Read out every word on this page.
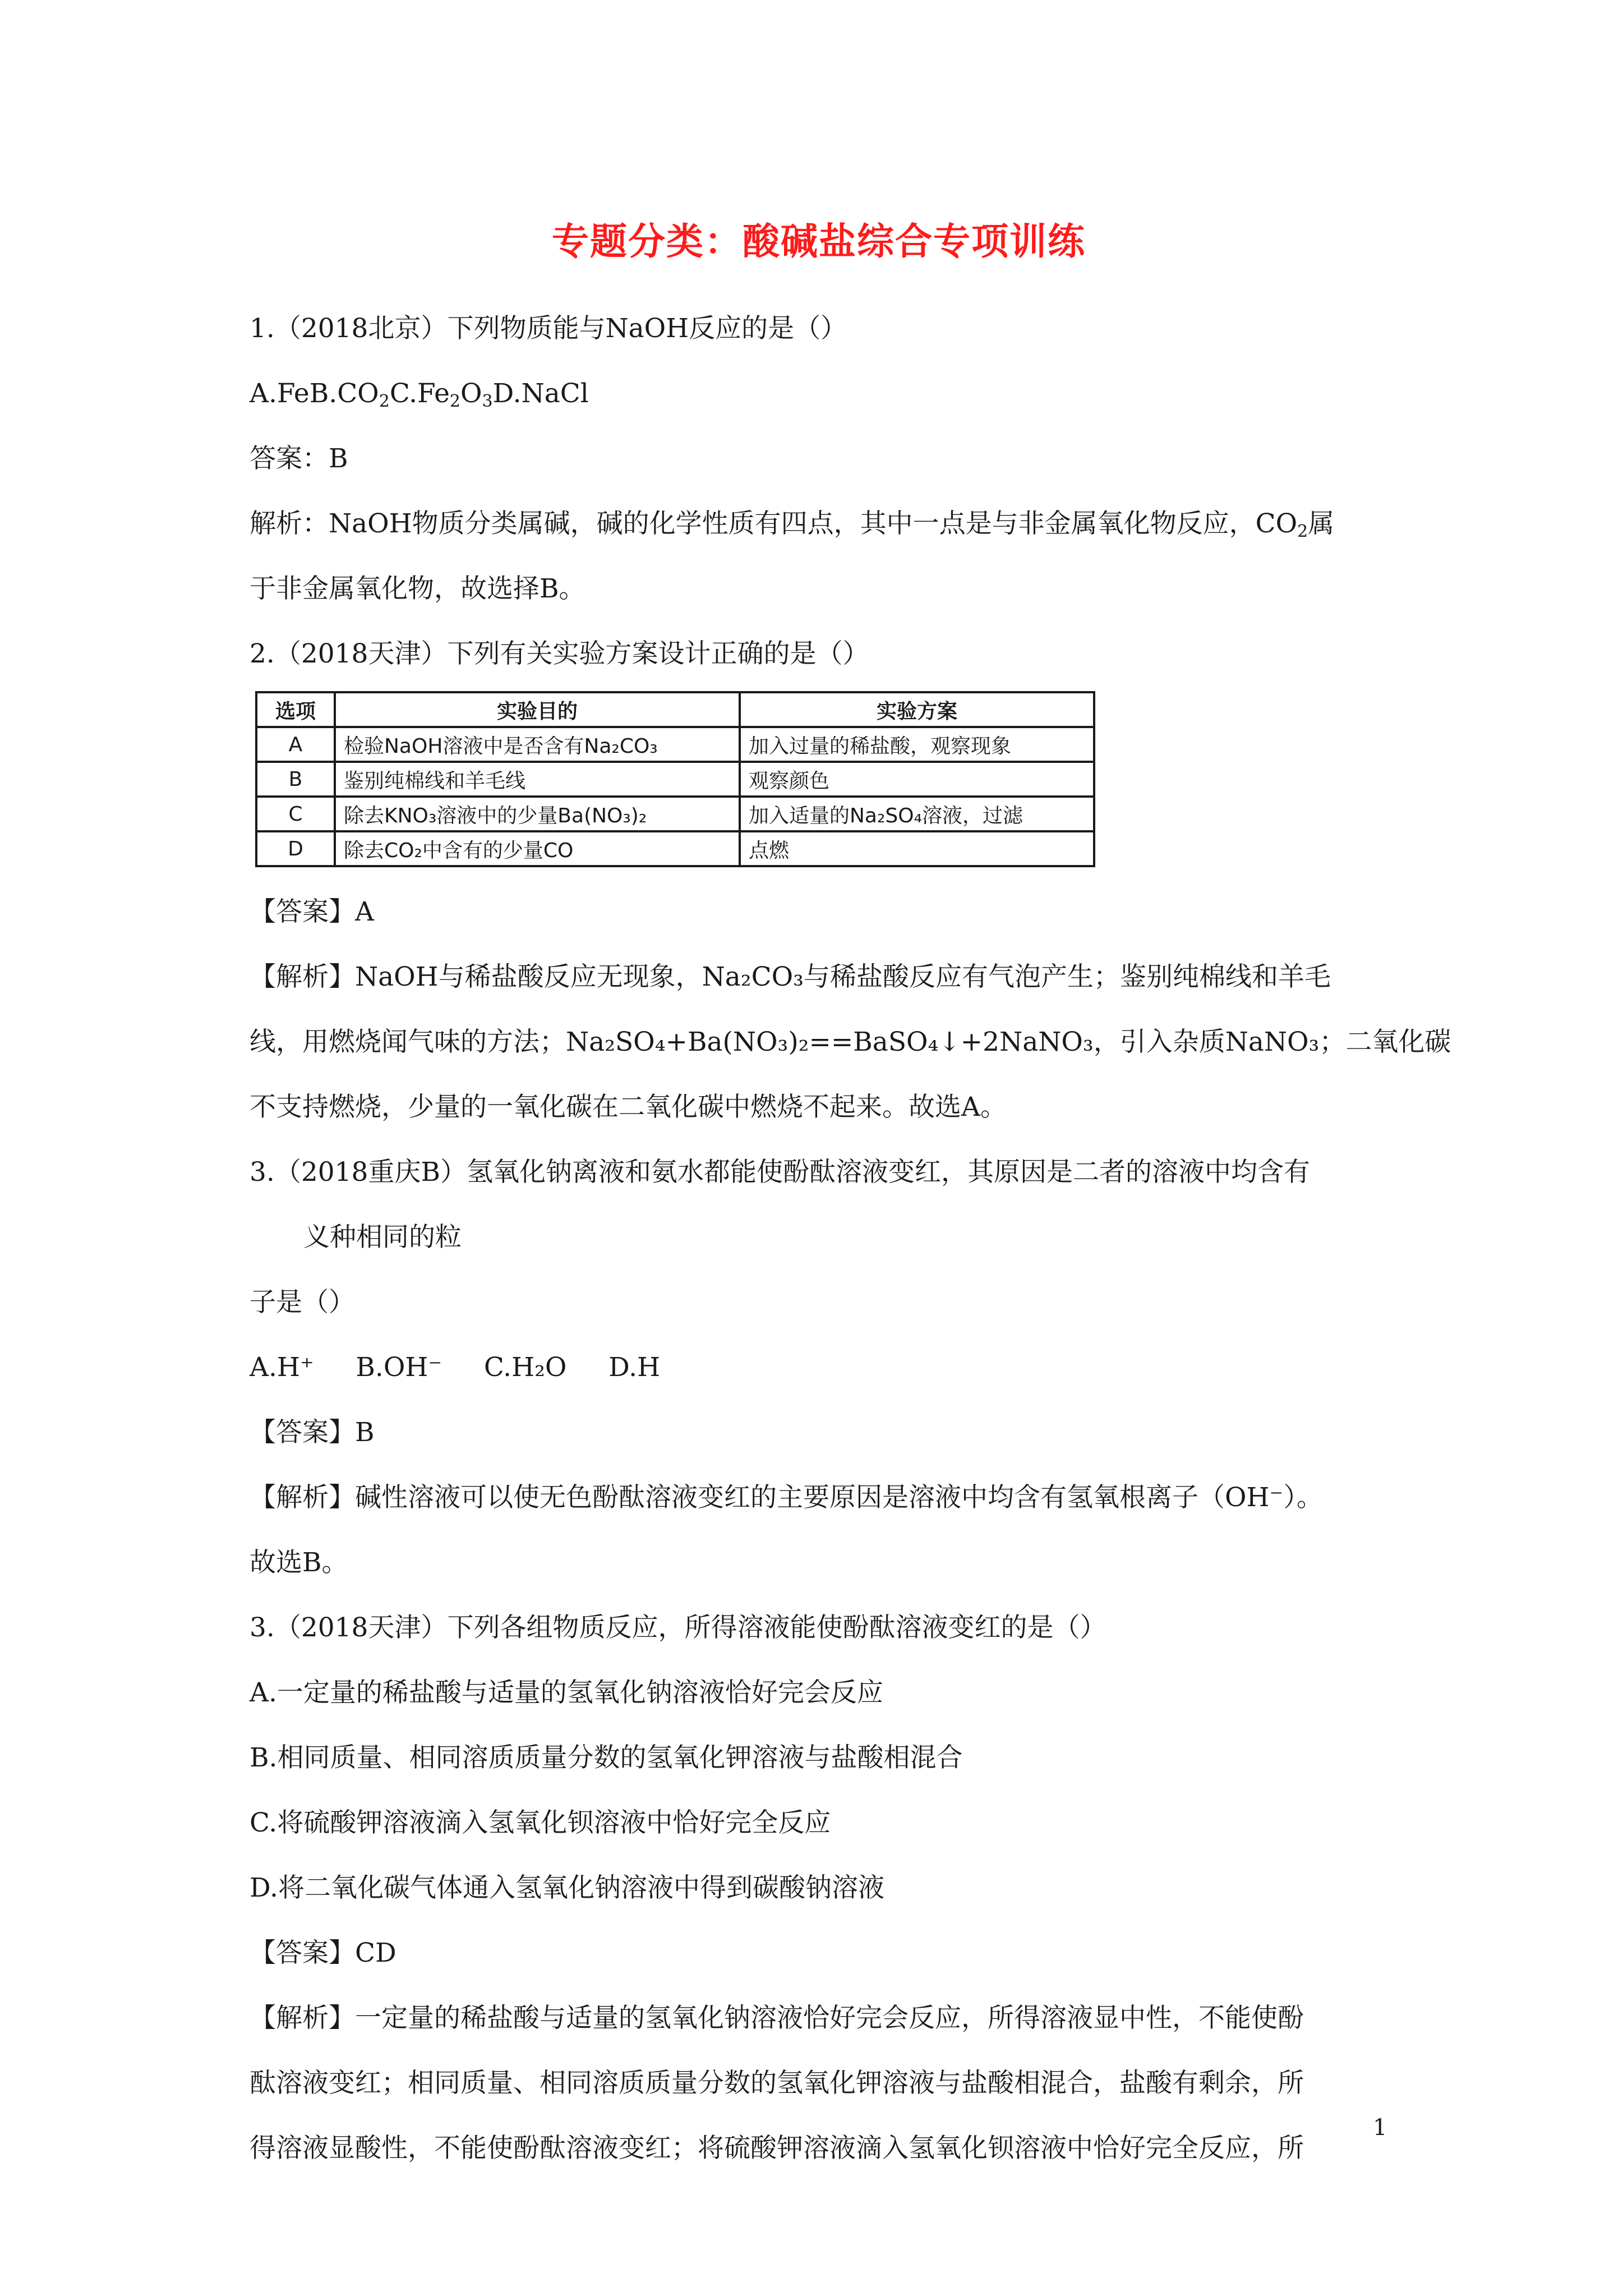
专题分类：酸碱盐综合专项训练

1.（2018北京）下列物质能与NaOH反应的是（）

$A.FeB.CO_2C.Fe_2O_3D.NaCl$

答案：B

解析：NaOH物质分类属碱，碱的化学性质有四点，其中一点是与非金属氧化物反应，$CO_2$属

于非金属氧化物，故选择B。

2.（2018天津）下列有关实验方案设计正确的是（）

选项	实验目的	实验方案
A	检验NaOH溶液中是否含有Na₂CO₃	加入过量的稀盐酸，观察现象
B	鉴别纯棉线和羊毛线	观察颜色
C	除去KNO₃溶液中的少量Ba(NO₃)₂	加入适量的Na₂SO₄溶液，过滤
D	除去CO₂中含有的少量CO	点燃

【答案】A

【解析】NaOH与稀盐酸反应无现象，Na₂CO₃与稀盐酸反应有气泡产生；鉴别纯棉线和羊毛

线，用燃烧闻气味的方法；Na₂SO₄+Ba(NO₃)₂==BaSO₄↓+2NaNO₃，引入杂质NaNO₃；二氧化碳

不支持燃烧，少量的一氧化碳在二氧化碳中燃烧不起来。故选A。

3.（2018重庆B）氢氧化钠离液和氨水都能使酚酞溶液变红，其原因是二者的溶液中均含有

义种相同的粒

子是（）

A.H⁺     B.OH⁻     C.H₂O     D.H

【答案】B

【解析】碱性溶液可以使无色酚酞溶液变红的主要原因是溶液中均含有氢氧根离子（OH⁻）。

故选B。

3.（2018天津）下列各组物质反应，所得溶液能使酚酞溶液变红的是（）

A.一定量的稀盐酸与适量的氢氧化钠溶液恰好完会反应

B.相同质量、相同溶质质量分数的氢氧化钾溶液与盐酸相混合

C.将硫酸钾溶液滴入氢氧化钡溶液中恰好完全反应

D.将二氧化碳气体通入氢氧化钠溶液中得到碳酸钠溶液

【答案】CD

【解析】一定量的稀盐酸与适量的氢氧化钠溶液恰好完会反应，所得溶液显中性，不能使酚

酞溶液变红；相同质量、相同溶质质量分数的氢氧化钾溶液与盐酸相混合，盐酸有剩余，所

得溶液显酸性，不能使酚酞溶液变红；将硫酸钾溶液滴入氢氧化钡溶液中恰好完全反应，所

1
